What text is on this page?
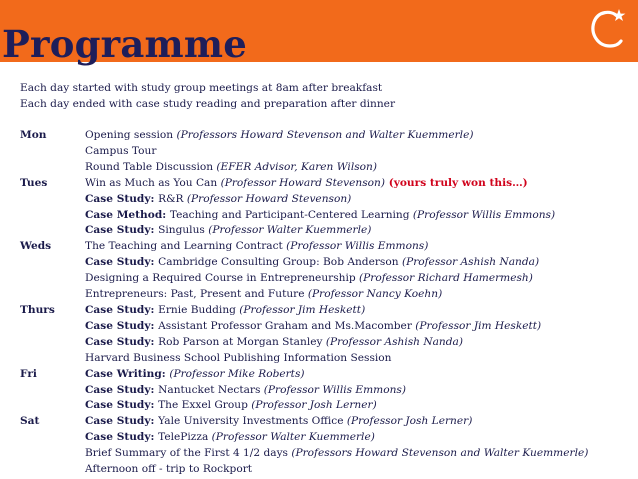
Programme
Each day started with study group meetings at 8am after breakfast
Each day ended with case study reading and preparation after dinner
Mon	Opening session (Professors Howard Stevenson and Walter Kuemmerle)
Campus Tour
Round Table Discussion (EFER Advisor, Karen Wilson)
Tues	Win as Much as You Can (Professor Howard Stevenson) (yours truly won this…)
Case Study: R&R (Professor Howard Stevenson)
Case Method: Teaching and Participant-Centered Learning (Professor Willis Emmons)
Case Study: Singulus (Professor Walter Kuemmerle)
Weds	The Teaching and Learning Contract (Professor Willis Emmons)
Case Study: Cambridge Consulting Group: Bob Anderson (Professor Ashish Nanda)
Designing a Required Course in Entrepreneurship (Professor Richard Hamermesh)
Entrepreneurs: Past, Present and Future (Professor Nancy Koehn)
Thurs	Case Study: Ernie Budding (Professor Jim Heskett)
Case Study: Assistant Professor Graham and Ms.Macomber (Professor Jim Heskett)
Case Study: Rob Parson at Morgan Stanley (Professor Ashish Nanda)
Harvard Business School Publishing Information Session
Fri	Case Writing: (Professor Mike Roberts)
Case Study: Nantucket Nectars (Professor Willis Emmons)
Case Study: The Exxel Group (Professor Josh Lerner)
Sat	Case Study: Yale University Investments Office (Professor Josh Lerner)
Case Study: TelePizza (Professor Walter Kuemmerle)
Brief Summary of the First 4 1/2 days (Professors Howard Stevenson and Walter Kuemmerle)
Afternoon off - trip to Rockport
